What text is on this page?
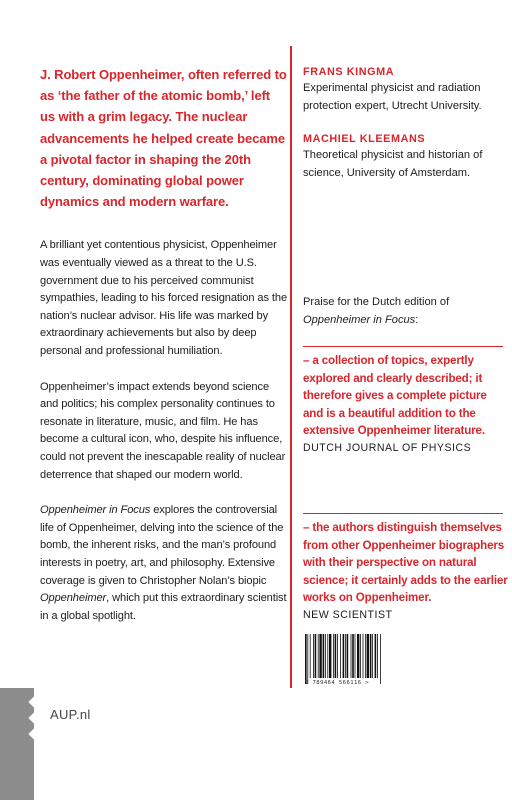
J. Robert Oppenheimer, often referred to as ‘the father of the atomic bomb,’ left us with a grim legacy. The nuclear advancements he helped create became a pivotal factor in shaping the 20th century, dominating global power dynamics and modern warfare.

A brilliant yet contentious physicist, Oppenheimer was eventually viewed as a threat to the U.S. government due to his perceived communist sympathies, leading to his forced resignation as the nation’s nuclear advisor. His life was marked by extraordinary achievements but also by deep personal and professional humiliation.

Oppenheimer’s impact extends beyond science and politics; his complex personality continues to resonate in literature, music, and film. He has become a cultural icon, who, despite his influence, could not prevent the inescapable reality of nuclear deterrence that shaped our modern world.

Oppenheimer in Focus explores the controversial life of Oppenheimer, delving into the science of the bomb, the inherent risks, and the man’s profound interests in poetry, art, and philosophy. Extensive coverage is given to Christopher Nolan’s biopic Oppenheimer, which put this extraordinary scientist in a global spotlight.

FRANS KINGMA

Experimental physicist and radiation protection expert, Utrecht University.

MACHIEL KLEEMANS

Theoretical physicist and historian of science, University of Amsterdam.

Praise for the Dutch edition of Oppenheimer in Focus:

– a collection of topics, expertly explored and clearly described; it therefore gives a complete picture and is a beautiful addition to the extensive Oppenheimer literature.

DUTCH JOURNAL OF PHYSICS

– the authors distinguish themselves from other Oppenheimer biographers with their perspective on natural science; it certainly adds to the earlier works on Oppenheimer.

NEW SCIENTIST

9 789464 566116 >

AUP.nl
